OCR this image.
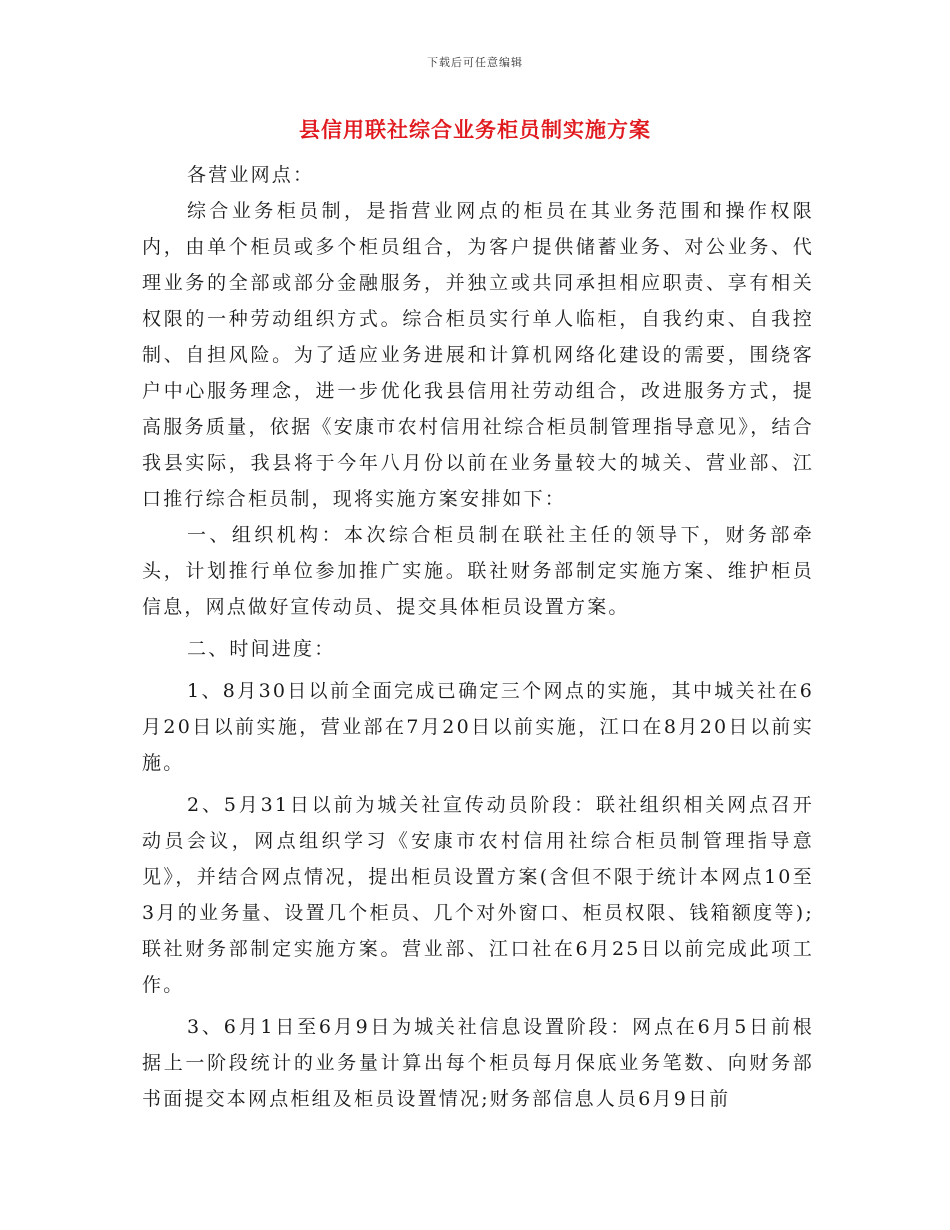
下载后可任意编辑
县信用联社综合业务柜员制实施方案

各营业网点：

综合业务柜员制，是指营业网点的柜员在其业务范围和操作权限内，由单个柜员或多个柜员组合，为客户提供储蓄业务、对公业务、代理业务的全部或部分金融服务，并独立或共同承担相应职责、享有相关权限的一种劳动组织方式。综合柜员实行单人临柜，自我约束、自我控制、自担风险。为了适应业务进展和计算机网络化建设的需要，围绕客户中心服务理念，进一步优化我县信用社劳动组合，改进服务方式，提高服务质量，依据《安康市农村信用社综合柜员制管理指导意见》，结合我县实际，我县将于今年八月份以前在业务量较大的城关、营业部、江口推行综合柜员制，现将实施方案安排如下：

一、组织机构：本次综合柜员制在联社主任的领导下，财务部牵头，计划推行单位参加推广实施。联社财务部制定实施方案、维护柜员信息，网点做好宣传动员、提交具体柜员设置方案。

二、时间进度：

1、8月30日以前全面完成已确定三个网点的实施，其中城关社在6月20日以前实施，营业部在7月20日以前实施，江口在8月20日以前实施。

2、5月31日以前为城关社宣传动员阶段：联社组织相关网点召开动员会议，网点组织学习《安康市农村信用社综合柜员制管理指导意见》，并结合网点情况，提出柜员设置方案(含但不限于统计本网点10至3月的业务量、设置几个柜员、几个对外窗口、柜员权限、钱箱额度等);联社财务部制定实施方案。营业部、江口社在6月25日以前完成此项工作。

3、6月1日至6月9日为城关社信息设置阶段：网点在6月5日前根据上一阶段统计的业务量计算出每个柜员每月保底业务笔数、向财务部书面提交本网点柜组及柜员设置情况;财务部信息人员6月9日前
